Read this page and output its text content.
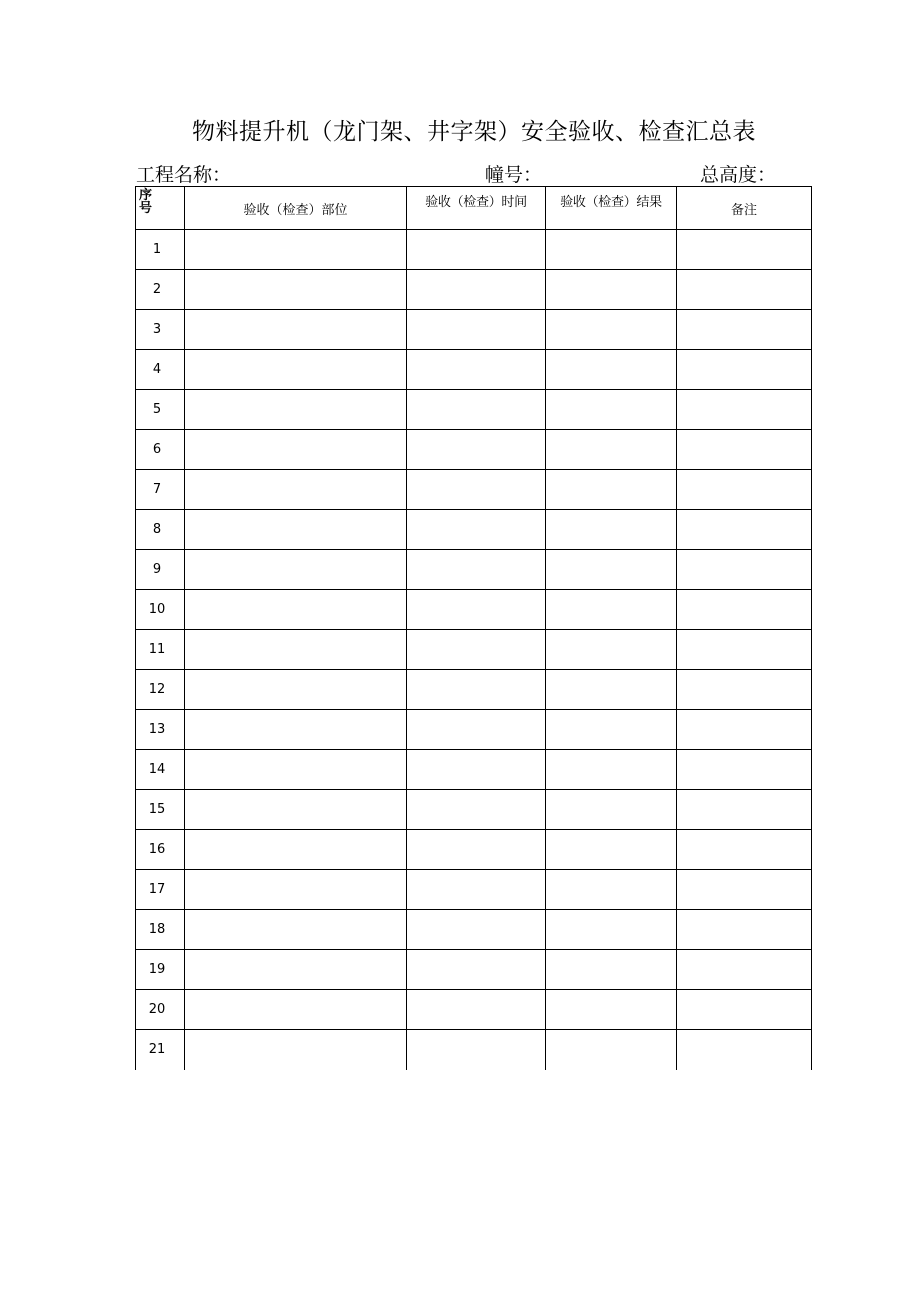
物料提升机（龙门架、井字架）安全验收、检查汇总表
工程名称：	幢号：	总高度：
序号	验收（检查）部位	验收（检查）时间	验收（检查）结果	备注
1				
2				
3				
4				
5				
6				
7				
8				
9				
10				
11				
12				
13				
14				
15				
16				
17				
18				
19				
20				
21				
